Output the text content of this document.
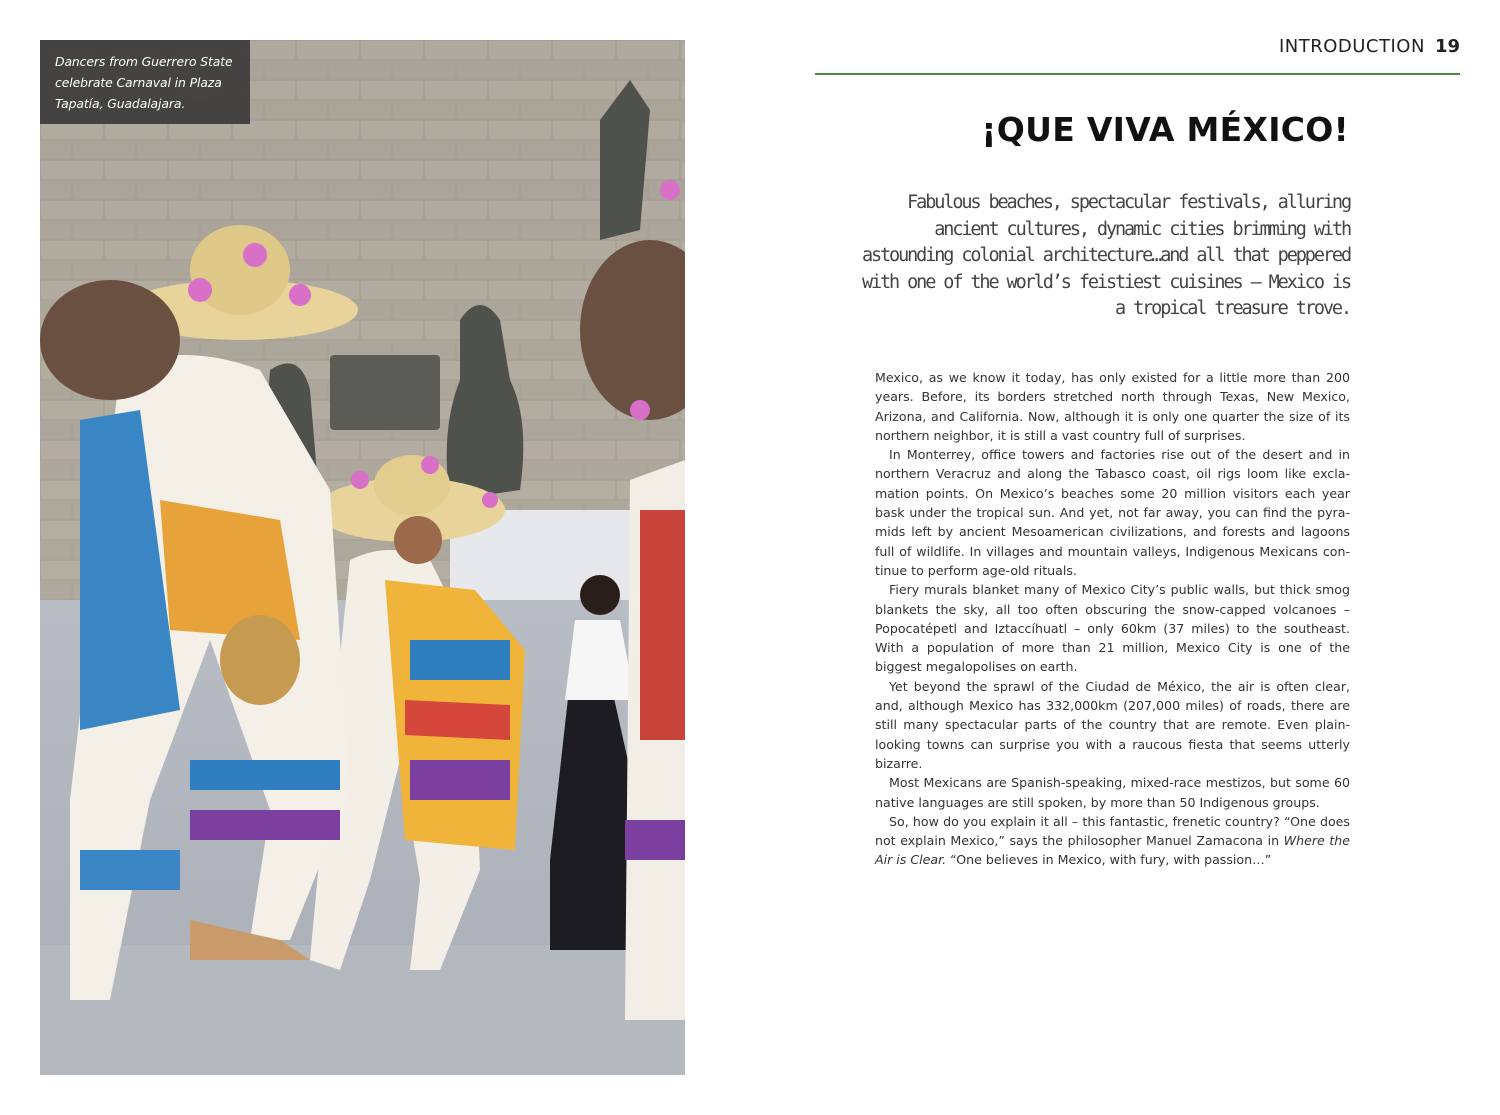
Dancers from Guerrero State celebrate Carnaval in Plaza Tapatía, Guadalajara.
INTRODUCTION 19
¡QUE VIVA MÉXICO!
Fabulous beaches, spectacular festivals, alluring ancient cultures, dynamic cities brimming with astounding colonial architecture…and all that peppered with one of the world’s feistiest cuisines – Mexico is a tropical treasure trove.

Mexico, as we know it today, has only existed for a little more than 200 years. Before, its borders stretched north through Texas, New Mexico, Arizona, and California. Now, although it is only one quarter the size of its northern neighbor, it is still a vast country full of surprises.

In Monterrey, office towers and factories rise out of the desert and in northern Veracruz and along the Tabasco coast, oil rigs loom like exclamation points. On Mexico’s beaches some 20 million visitors each year bask under the tropical sun. And yet, not far away, you can find the pyramids left by ancient Mesoamerican civilizations, and forests and lagoons full of wildlife. In villages and mountain valleys, Indigenous Mexicans continue to perform age-old rituals.

Fiery murals blanket many of Mexico City’s public walls, but thick smog blankets the sky, all too often obscuring the snow-capped volcanoes – Popocatépetl and Iztaccíhuatl – only 60km (37 miles) to the southeast. With a population of more than 21 million, Mexico City is one of the biggest megalopolises on earth.

Yet beyond the sprawl of the Ciudad de México, the air is often clear, and, although Mexico has 332,000km (207,000 miles) of roads, there are still many spectacular parts of the country that are remote. Even plain-looking towns can surprise you with a raucous fiesta that seems utterly bizarre.

Most Mexicans are Spanish-speaking, mixed-race mestizos, but some 60 native languages are still spoken, by more than 50 Indigenous groups.

So, how do you explain it all – this fantastic, frenetic country? “One does not explain Mexico,” says the philosopher Manuel Zamacona in Where the Air is Clear. “One believes in Mexico, with fury, with passion…”
